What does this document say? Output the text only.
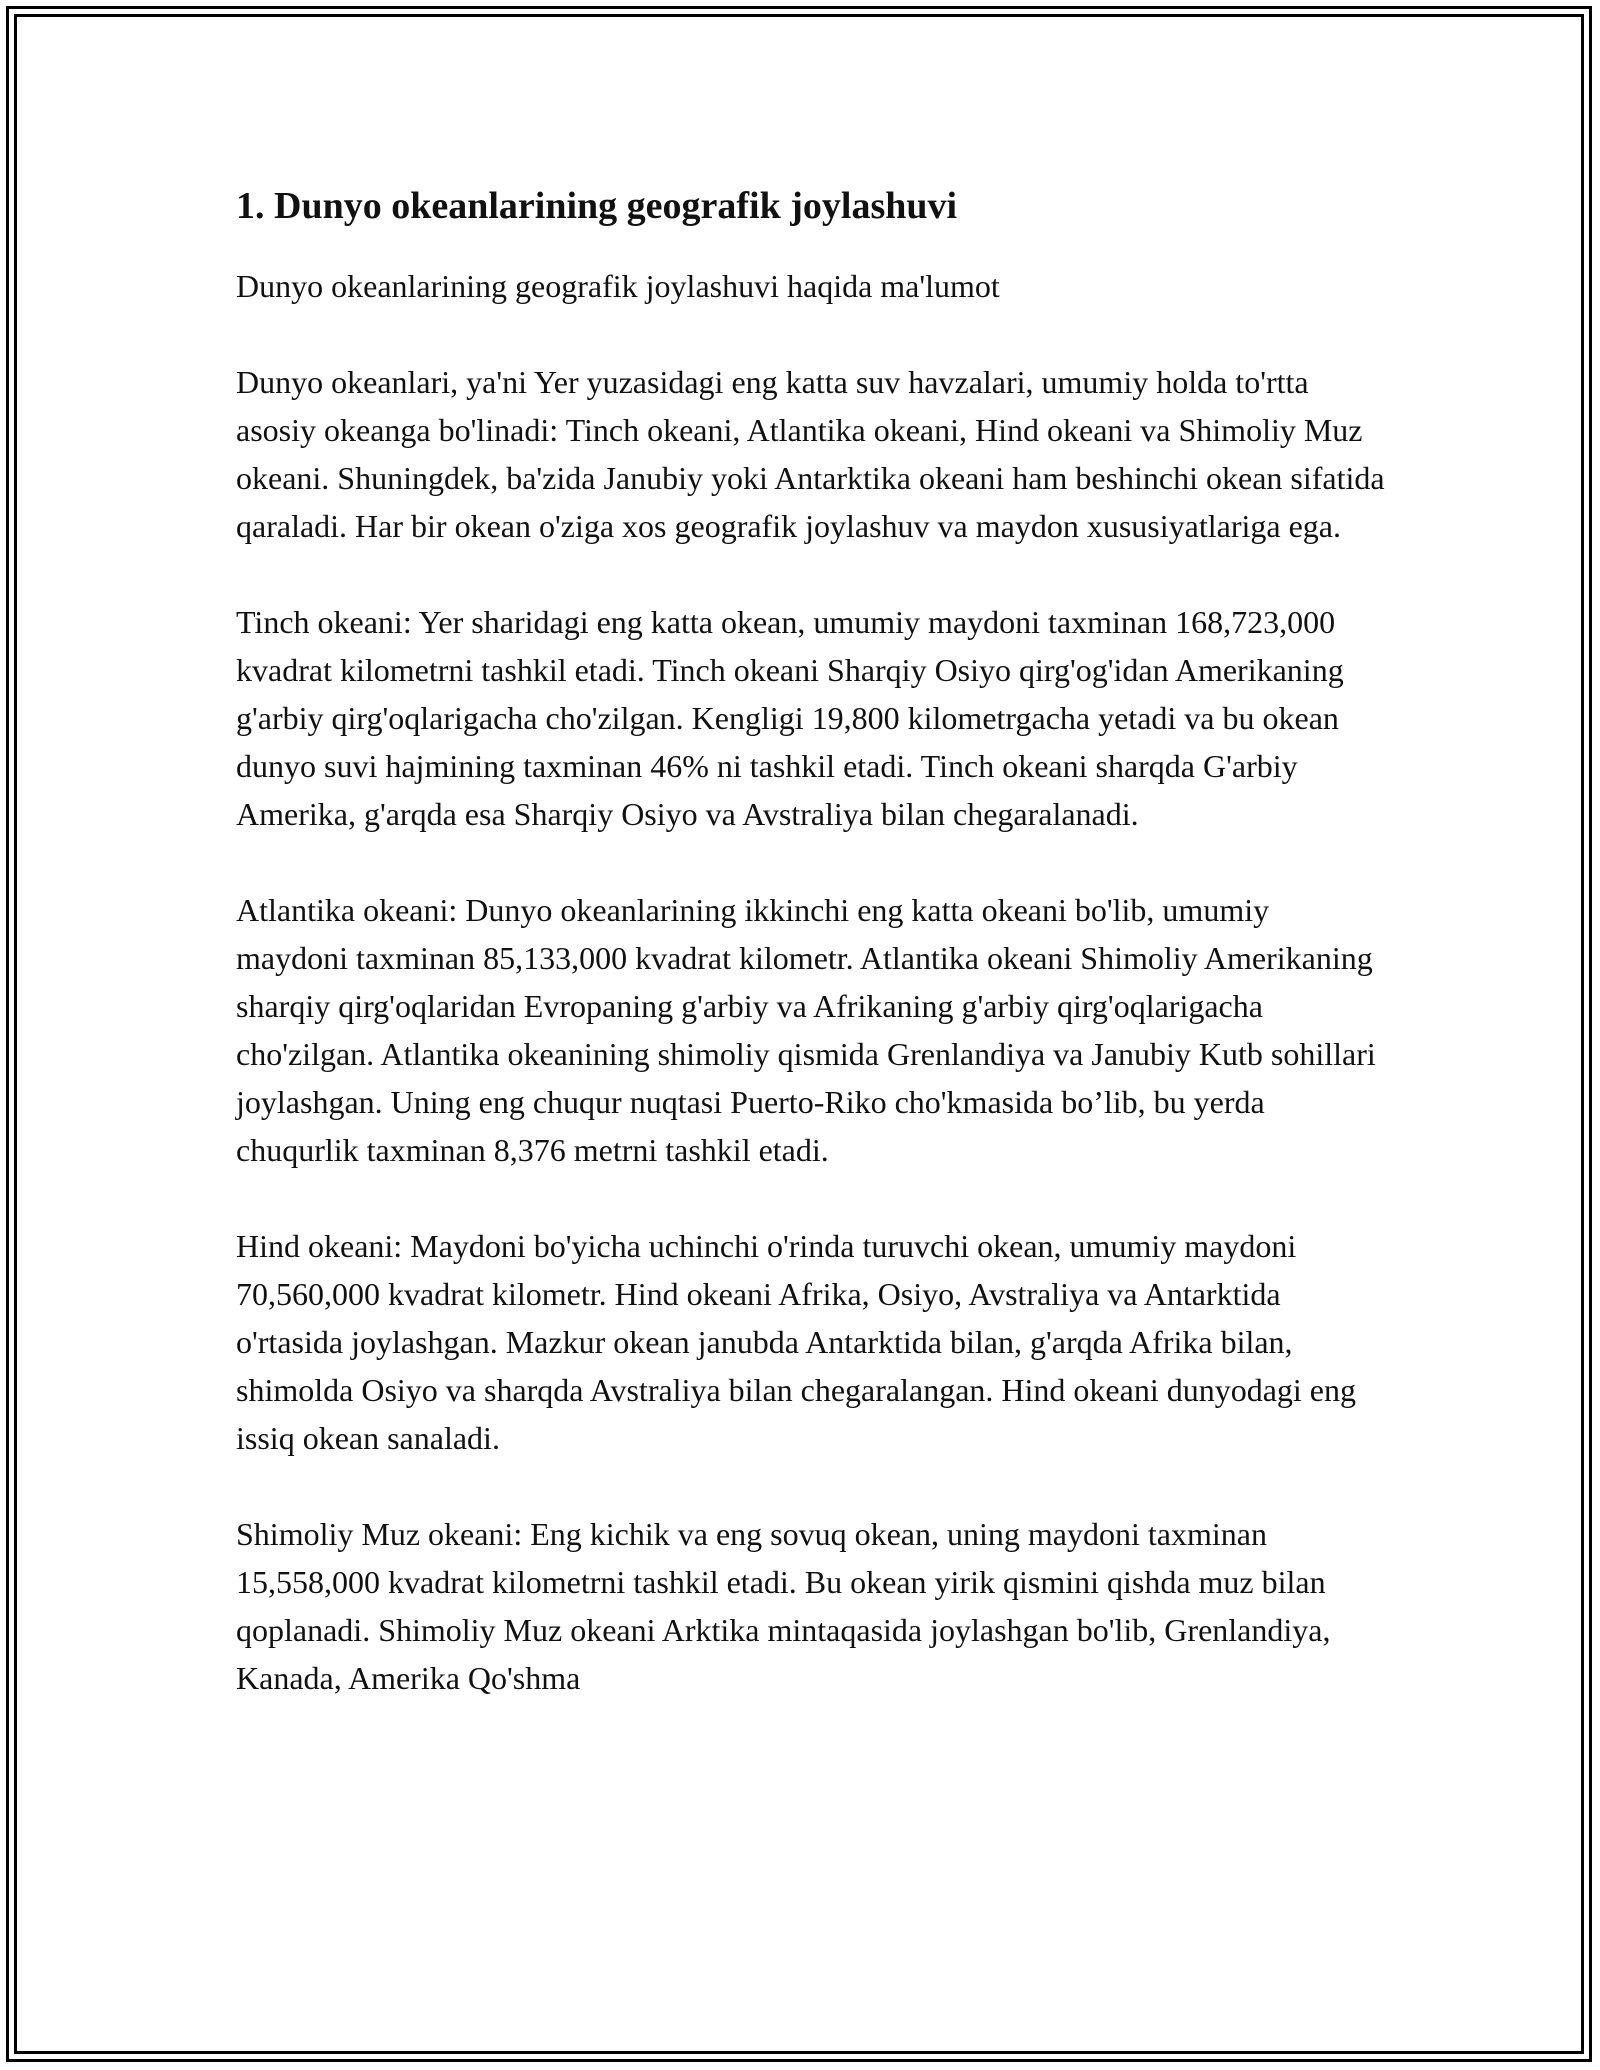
1. Dunyo okeanlarining geografik joylashuvi

Dunyo okeanlarining geografik joylashuvi haqida ma'lumot

Dunyo okeanlari, ya'ni Yer yuzasidagi eng katta suv havzalari, umumiy holda to'rtta asosiy okeanga bo'linadi: Tinch okeani, Atlantika okeani, Hind okeani va Shimoliy Muz okeani. Shuningdek, ba'zida Janubiy yoki Antarktika okeani ham beshinchi okean sifatida qaraladi. Har bir okean o'ziga xos geografik joylashuv va maydon xususiyatlariga ega.

Tinch okeani: Yer sharidagi eng katta okean, umumiy maydoni taxminan 168,723,000 kvadrat kilometrni tashkil etadi. Tinch okeani Sharqiy Osiyo qirg'og'idan Amerikaning g'arbiy qirg'oqlarigacha cho'zilgan. Kengligi 19,800 kilometrgacha yetadi va bu okean dunyo suvi hajmining taxminan 46% ni tashkil etadi. Tinch okeani sharqda G'arbiy Amerika, g'arqda esa Sharqiy Osiyo va Avstraliya bilan chegaralanadi.

Atlantika okeani: Dunyo okeanlarining ikkinchi eng katta okeani bo'lib, umumiy maydoni taxminan 85,133,000 kvadrat kilometr. Atlantika okeani Shimoliy Amerikaning sharqiy qirg'oqlaridan Evropaning g'arbiy va Afrikaning g'arbiy qirg'oqlarigacha cho'zilgan. Atlantika okeanining shimoliy qismida Grenlandiya va Janubiy Kutb sohillari joylashgan. Uning eng chuqur nuqtasi Puerto-Riko cho'kmasida bo’lib, bu yerda chuqurlik taxminan 8,376 metrni tashkil etadi.

Hind okeani: Maydoni bo'yicha uchinchi o'rinda turuvchi okean, umumiy maydoni 70,560,000 kvadrat kilometr. Hind okeani Afrika, Osiyo, Avstraliya va Antarktida o'rtasida joylashgan. Mazkur okean janubda Antarktida bilan, g'arqda Afrika bilan, shimolda Osiyo va sharqda Avstraliya bilan chegaralangan. Hind okeani dunyodagi eng issiq okean sanaladi.

Shimoliy Muz okeani: Eng kichik va eng sovuq okean, uning maydoni taxminan 15,558,000 kvadrat kilometrni tashkil etadi. Bu okean yirik qismini qishda muz bilan qoplanadi. Shimoliy Muz okeani Arktika mintaqasida joylashgan bo'lib, Grenlandiya, Kanada, Amerika Qo'shma
